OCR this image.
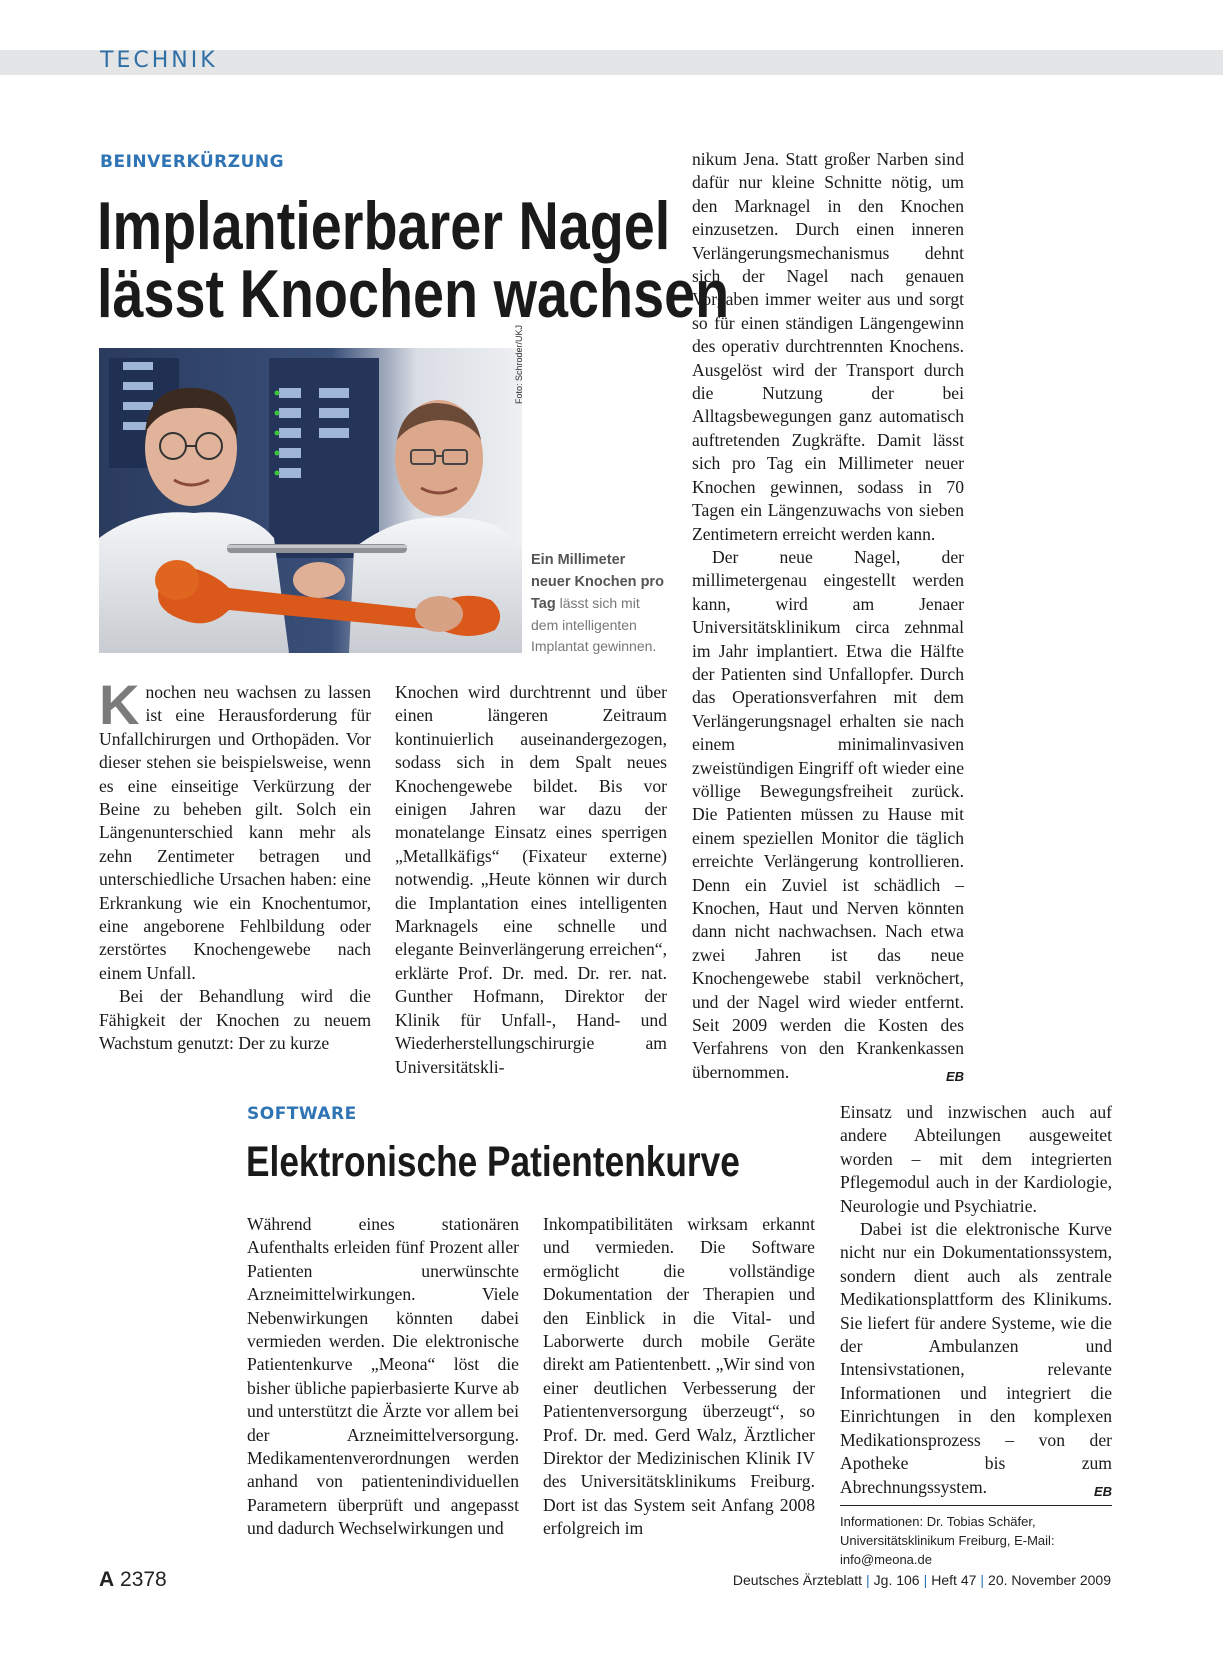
TECHNIK
BEINVERKÜRZUNG
Implantierbarer Nagel
lässt Knochen wachsen
Foto: Schroder/UKJ
Ein Millimeter neuer Knochen pro Tag lässt sich mit dem intelligenten Implantat gewinnen.

Knochen neu wachsen zu lassen ist eine Herausforderung für Unfallchirurgen und Orthopäden. Vor dieser stehen sie beispielsweise, wenn es eine einseitige Verkürzung der Beine zu beheben gilt. Solch ein Längenunterschied kann mehr als zehn Zentimeter betragen und unterschiedliche Ursachen haben: eine Erkrankung wie ein Knochentumor, eine angeborene Fehlbildung oder zerstörtes Knochengewebe nach einem Unfall.

Bei der Behandlung wird die Fähigkeit der Knochen zu neuem Wachstum genutzt: Der zu kurze

Knochen wird durchtrennt und über einen längeren Zeitraum kontinuierlich auseinandergezogen, sodass sich in dem Spalt neues Knochengewebe bildet. Bis vor einigen Jahren war dazu der monatelange Einsatz eines sperrigen „Metallkäfigs“ (Fixateur externe) notwendig. „Heute können wir durch die Implantation eines intelligenten Marknagels eine schnelle und elegante Beinverlängerung erreichen“, erklärte Prof. Dr. med. Dr. rer. nat. Gunther Hofmann, Direktor der Klinik für Unfall-, Hand- und Wiederherstellungschirurgie am Universitätskli-

nikum Jena. Statt großer Narben sind dafür nur kleine Schnitte nötig, um den Marknagel in den Knochen einzusetzen. Durch einen inneren Verlängerungsmechanismus dehnt sich der Nagel nach genauen Vorgaben immer weiter aus und sorgt so für einen ständigen Längengewinn des operativ durchtrennten Knochens. Ausgelöst wird der Transport durch die Nutzung der bei Alltagsbewegungen ganz automatisch auftretenden Zugkräfte. Damit lässt sich pro Tag ein Millimeter neuer Knochen gewinnen, sodass in 70 Tagen ein Längenzuwachs von sieben Zentimetern erreicht werden kann.

Der neue Nagel, der millimetergenau eingestellt werden kann, wird am Jenaer Universitätsklinikum circa zehnmal im Jahr implantiert. Etwa die Hälfte der Patienten sind Unfallopfer. Durch das Operationsverfahren mit dem Verlängerungsnagel erhalten sie nach einem minimalinvasiven zweistündigen Eingriff oft wieder eine völlige Bewegungsfreiheit zurück. Die Patienten müssen zu Hause mit einem speziellen Monitor die täglich erreichte Verlängerung kontrollieren. Denn ein Zuviel ist schädlich – Knochen, Haut und Nerven könnten dann nicht nachwachsen. Nach etwa zwei Jahren ist das neue Knochengewebe stabil verknöchert, und der Nagel wird wieder entfernt. Seit 2009 werden die Kosten des Verfahrens von den Krankenkassen übernommen.	EB

SOFTWARE
Elektronische Patientenkurve

Während eines stationären Aufenthalts erleiden fünf Prozent aller Patienten unerwünschte Arzneimittelwirkungen. Viele Nebenwirkungen könnten dabei vermieden werden. Die elektronische Patientenkurve „Meona“ löst die bisher übliche papierbasierte Kurve ab und unterstützt die Ärzte vor allem bei der Arzneimittelversorgung. Medikamentenverordnungen werden anhand von patientenindividuellen Parametern überprüft und angepasst und dadurch Wechselwirkungen und

Inkompatibilitäten wirksam erkannt und vermieden. Die Software ermöglicht die vollständige Dokumentation der Therapien und den Einblick in die Vital- und Laborwerte durch mobile Geräte direkt am Patientenbett. „Wir sind von einer deutlichen Verbesserung der Patientenversorgung überzeugt“, so Prof. Dr. med. Gerd Walz, Ärztlicher Direktor der Medizinischen Klinik IV des Universitätsklinikums Freiburg. Dort ist das System seit Anfang 2008 erfolgreich im

Einsatz und inzwischen auch auf andere Abteilungen ausgeweitet worden – mit dem integrierten Pflegemodul auch in der Kardiologie, Neurologie und Psychiatrie.

Dabei ist die elektronische Kurve nicht nur ein Dokumentationssystem, sondern dient auch als zentrale Medikationsplattform des Klinikums. Sie liefert für andere Systeme, wie die der Ambulanzen und Intensivstationen, relevante Informationen und integriert die Einrichtungen in den komplexen Medikationsprozess – von der Apotheke bis zum Abrechnungssystem.	EB

Informationen: Dr. Tobias Schäfer, Universitätsklinikum Freiburg, E-Mail: info@meona.de
A 2378	Deutsches Ärzteblatt | Jg. 106 | Heft 47 | 20. November 2009
